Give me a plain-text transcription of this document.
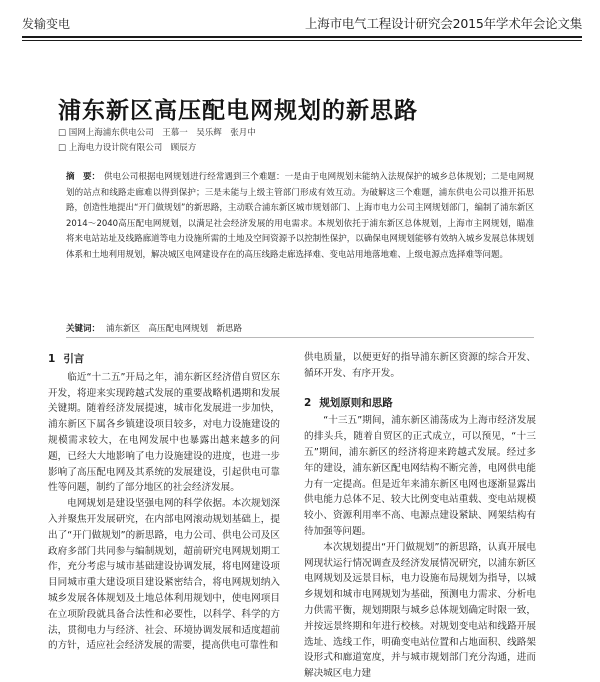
发输变电	上海市电气工程设计研究会2015年学术年会论文集
浦东新区高压配电网规划的新思路
□ 国网上海浦东供电公司　王慕一　吴乐辉　张月中
□ 上海电力设计院有限公司　顾辰方
摘　要： 供电公司根据电网规划进行经常遇到三个难题：一是由于电网规划未能纳入法规保护的城乡总体规划；二是电网规划的站点和线路走廊难以得到保护；三是未能与上级主管部门形成有效互动。为破解这三个难题，浦东供电公司以推开拓思路，创造性地提出“开门做规划”的新思路，主动联合浦东新区城市规划部门、上海市电力公司主网规划部门，编制了浦东新区2014～2040高压配电网规划，以满足社会经济发展的用电需求。本规划依托于浦东新区总体规划，上海市主网规划，瞄准将来电站站址及线路廊道等电力设施所需的土地及空间资源予以控制性保护，以确保电网规划能够有效纳入城乡发展总体规划体系和土地利用规划，解决城区电网建设存在的高压线路走廊选择难、变电站用地落地难、上级电源点选择难等问题。
关键词： 浦东新区　高压配电网规划　新思路
1 引言

临近“十二五”开局之年，浦东新区经济借自贸区东开发，将迎来实现跨越式发展的重要战略机遇期和发展关键期。随着经济发展提速，城市化发展进一步加快，浦东新区下属各乡镇建设项目较多，对电力设施建设的规模需求较大，在电网发展中也暴露出越来越多的问题，已经大大地影响了电力设施建设的进度，也进一步影响了高压配电网及其系统的发展建设，引起供电可靠性等问题，制约了部分地区的社会经济发展。

电网规划是建设坚强电网的科学依据。本次规划深入并聚焦开发展研究，在内部电网滚动规划基础上，提出了“开门做规划”的新思路，电力公司、供电公司及区政府多部门共同参与编制规划，超前研究电网规划期工作，充分考虑与城市基础建设协调发展，将电网建设项目同城市重大建设项目建设紧密结合，将电网规划纳入城乡发展各体规划及土地总体利用规划中，使电网项目在立项阶段就具备合法性和必要性，以科学、科学的方法，贯彻电力与经济、社会、环境协调发展和适度超前的方针，适应社会经济发展的需要，提高供电可靠性和

供电质量，以便更好的指导浦东新区资源的综合开发、循环开发、有序开发。

2 规划原则和思路

“十三五”期间，浦东新区浦荡成为上海市经济发展的排头兵，随着自贸区的正式成立，可以预见，“十三五”期间，浦东新区的经济将迎来跨越式发展。经过多年的建设，浦东新区配电网结构不断完善，电网供电能力有一定提高。但是近年来浦东新区电网也逐渐显露出供电能力总体不足、较大比例变电站重载、变电站规模较小、资源利用率不高、电源点建设紧缺、网架结构有待加强等问题。

本次规划提出“开门做规划”的新思路，认真开展电网现状运行情况调查及经济发展情况研究，以浦东新区电网规划及远景目标，电力设施布局规划为指导，以城乡规划和城市电网规划为基础，预测电力需求、分析电力供需平衡，规划期限与城乡总体规划确定时限一致，并按远景终期和年进行校核。对规划变电站和线路开展选址、选线工作，明确变电站位置和占地面积、线路架设形式和廊道宽度，并与城市规划部门充分沟通，进而解决城区电力建
